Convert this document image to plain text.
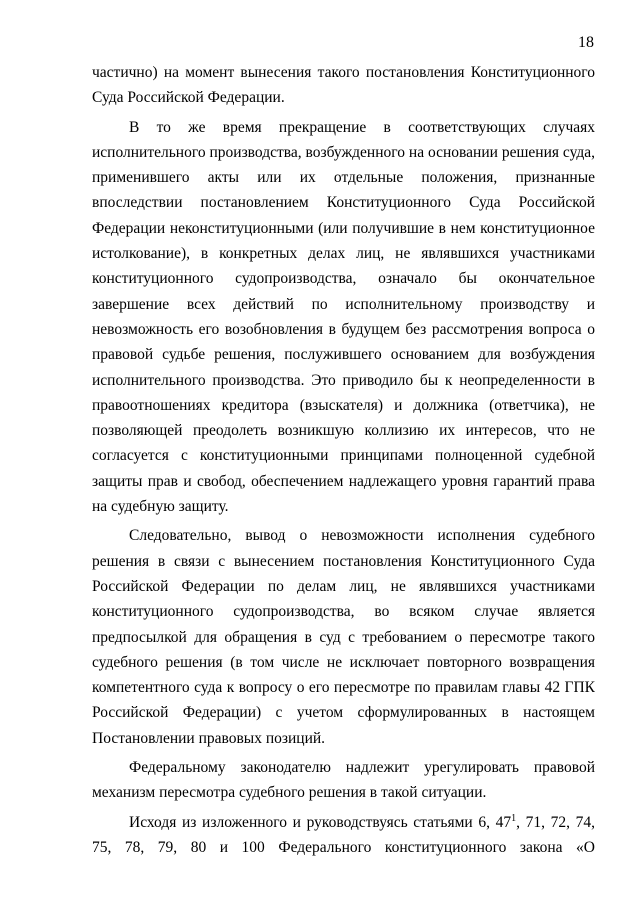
18

частично) на момент вынесения такого постановления Конституционного Суда Российской Федерации.

В то же время прекращение в соответствующих случаях исполнительного производства, возбужденного на основании решения суда, применившего акты или их отдельные положения, признанные впоследствии постановлением Конституционного Суда Российской Федерации неконституционными (или получившие в нем конституционное истолкование), в конкретных делах лиц, не являвшихся участниками конституционного судопроизводства, означало бы окончательное завершение всех действий по исполнительному производству и невозможность его возобновления в будущем без рассмотрения вопроса о правовой судьбе решения, послужившего основанием для возбуждения исполнительного производства. Это приводило бы к неопределенности в правоотношениях кредитора (взыскателя) и должника (ответчика), не позволяющей преодолеть возникшую коллизию их интересов, что не согласуется с конституционными принципами полноценной судебной защиты прав и свобод, обеспечением надлежащего уровня гарантий права на судебную защиту.

Следовательно, вывод о невозможности исполнения судебного решения в связи с вынесением постановления Конституционного Суда Российской Федерации по делам лиц, не являвшихся участниками конституционного судопроизводства, во всяком случае является предпосылкой для обращения в суд с требованием о пересмотре такого судебного решения (в том числе не исключает повторного возвращения компетентного суда к вопросу о его пересмотре по правилам главы 42 ГПК Российской Федерации) с учетом сформулированных в настоящем Постановлении правовых позиций.

Федеральному законодателю надлежит урегулировать правовой механизм пересмотра судебного решения в такой ситуации.

Исходя из изложенного и руководствуясь статьями 6, $47^1$, 71, 72, 74, 75, 78, 79, 80 и 100 Федерального конституционного закона «О
